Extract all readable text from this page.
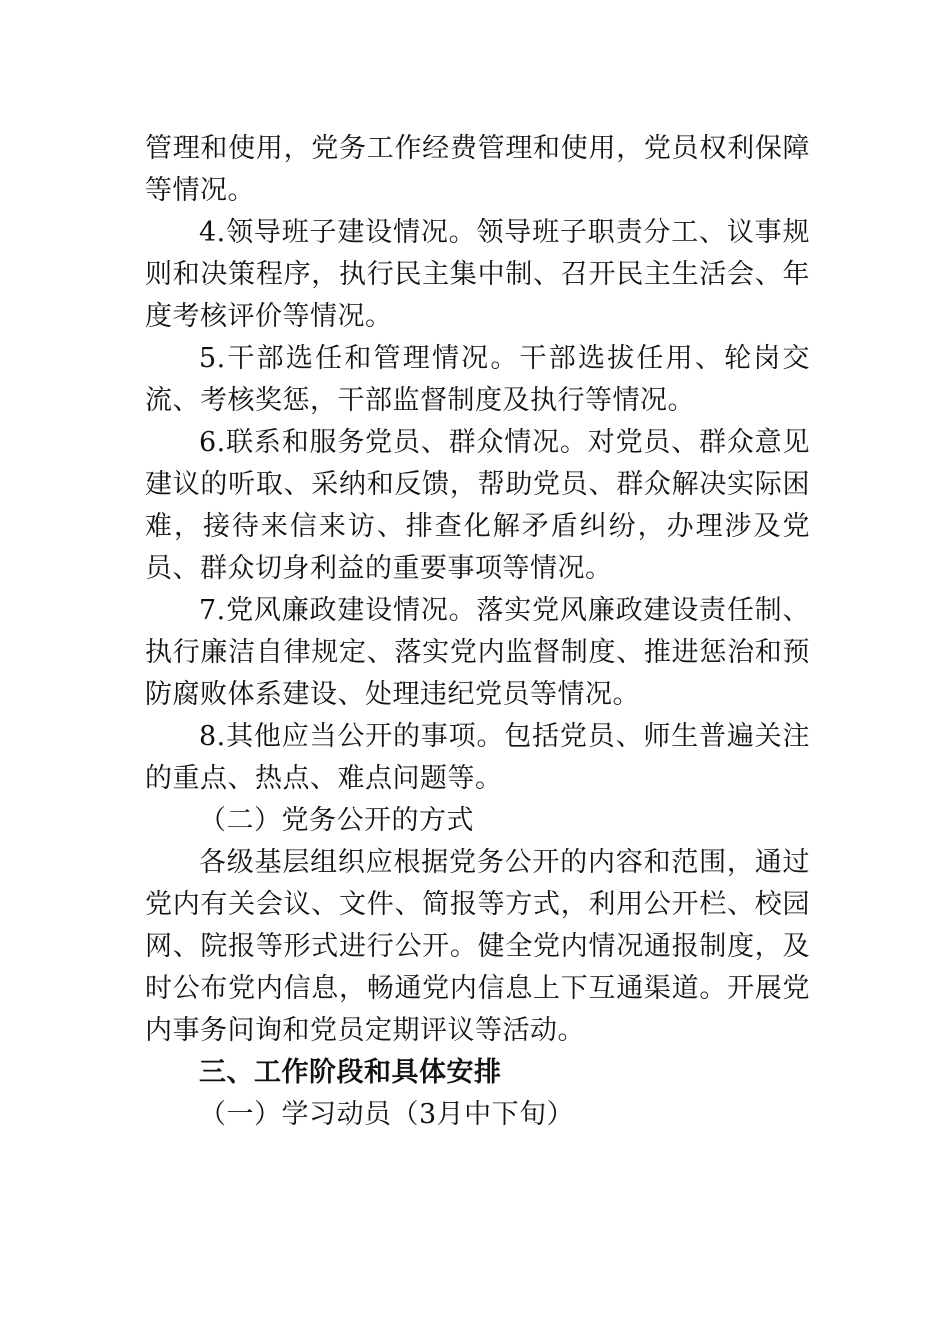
管理和使用，党务工作经费管理和使用，党员权利保障等情况。

4.领导班子建设情况。领导班子职责分工、议事规则和决策程序，执行民主集中制、召开民主生活会、年度考核评价等情况。

5.干部选任和管理情况。干部选拔任用、轮岗交流、考核奖惩，干部监督制度及执行等情况。

6.联系和服务党员、群众情况。对党员、群众意见建议的听取、采纳和反馈，帮助党员、群众解决实际困难，接待来信来访、排查化解矛盾纠纷，办理涉及党员、群众切身利益的重要事项等情况。

7.党风廉政建设情况。落实党风廉政建设责任制、执行廉洁自律规定、落实党内监督制度、推进惩治和预防腐败体系建设、处理违纪党员等情况。

8.其他应当公开的事项。包括党员、师生普遍关注的重点、热点、难点问题等。

（二）党务公开的方式

各级基层组织应根据党务公开的内容和范围，通过党内有关会议、文件、简报等方式，利用公开栏、校园网、院报等形式进行公开。健全党内情况通报制度，及时公布党内信息，畅通党内信息上下互通渠道。开展党内事务问询和党员定期评议等活动。

三、工作阶段和具体安排

（一）学习动员（3月中下旬）
